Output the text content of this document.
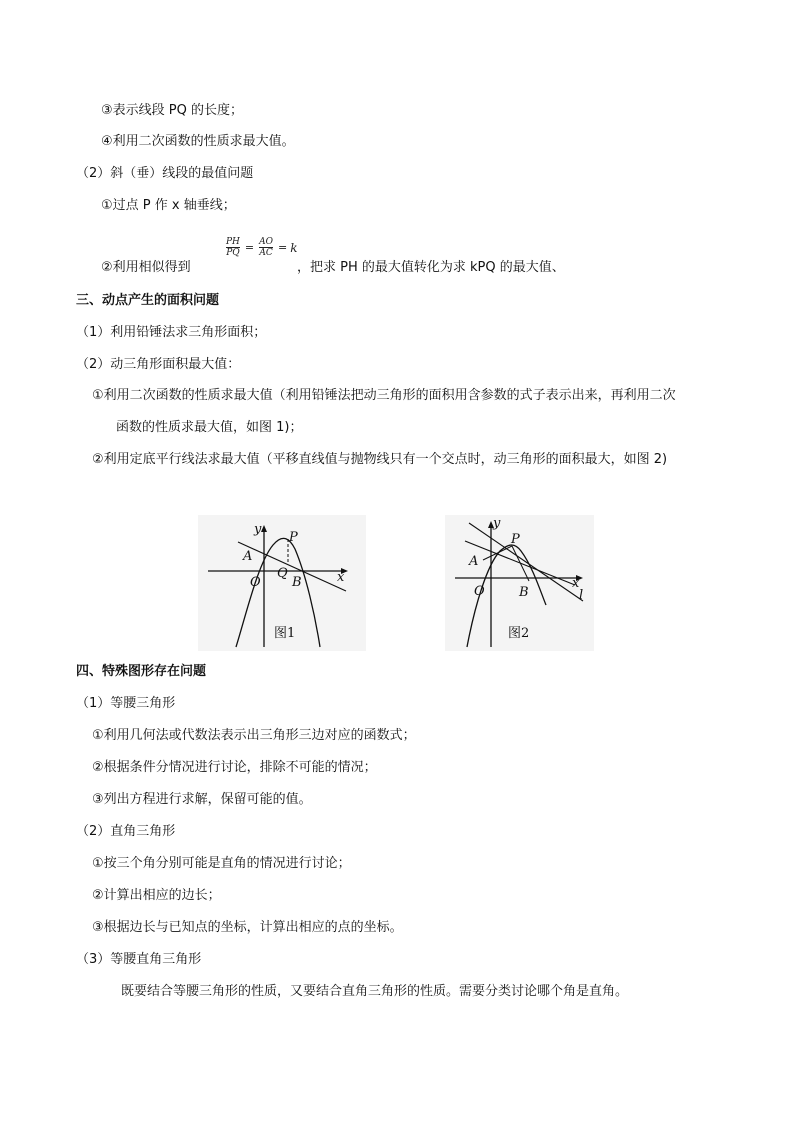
③表示线段 PQ 的长度；
④利用二次函数的性质求最大值。
（2）斜（垂）线段的最值问题
①过点 P 作 x 轴垂线；
PH
PQ = AO
AC = k
②利用相似得到	，把求 PH 的最大值转化为求 kPQ 的最大值、
三、动点产生的面积问题
（1）利用铅锤法求三角形面积；
（2）动三角形面积最大值：
①利用二次函数的性质求最大值（利用铅锤法把动三角形的面积用含参数的式子表示出来，再利用二次
函数的性质求最大值，如图 1)；
②利用定底平行线法求最大值（平移直线值与抛物线只有一个交点时，动三角形的面积最大，如图 2)
y
x
A
P
O
Q
B
图1
y
x
A
P
O	B	l
图2
四、特殊图形存在问题
（1）等腰三角形
①利用几何法或代数法表示出三角形三边对应的函数式；
②根据条件分情况进行讨论，排除不可能的情况；
③列出方程进行求解，保留可能的值。
（2）直角三角形
①按三个角分别可能是直角的情况进行讨论；
②计算出相应的边长；
③根据边长与已知点的坐标，计算出相应的点的坐标。
（3）等腰直角三角形
既要结合等腰三角形的性质，又要结合直角三角形的性质。需要分类讨论哪个角是直角。
